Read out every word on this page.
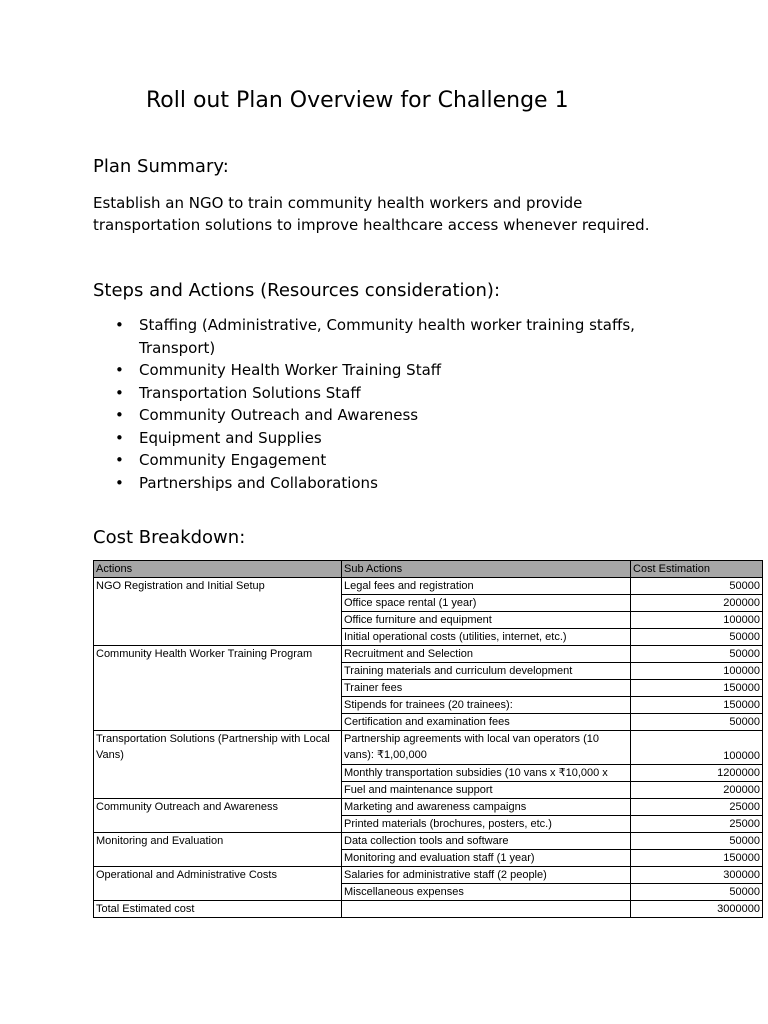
Roll out Plan Overview for Challenge 1
Plan Summary:
Establish an NGO to train community health workers and provide transportation solutions to improve healthcare access whenever required.
Steps and Actions (Resources consideration):
• Staffing (Administrative, Community health worker training staffs, Transport)
• Community Health Worker Training Staff
• Transportation Solutions Staff
• Community Outreach and Awareness
• Equipment and Supplies
• Community Engagement
• Partnerships and Collaborations
Cost Breakdown:
Actions	Sub Actions	Cost Estimation
NGO Registration and Initial Setup	Legal fees and registration	50000
	Office space rental (1 year)	200000
	Office furniture and equipment	100000
	Initial operational costs (utilities, internet, etc.)	50000
Community Health Worker Training Program	Recruitment and Selection	50000
	Training materials and curriculum development	100000
	Trainer fees	150000
	Stipends for trainees (20 trainees):	150000
	Certification and examination fees	50000
Transportation Solutions (Partnership with Local Vans)	Partnership agreements with local van operators (10 vans): ₹1,00,000	100000
	Monthly transportation subsidies (10 vans x ₹10,000 x	1200000
	Fuel and maintenance support	200000
Community Outreach and Awareness	Marketing and awareness campaigns	25000
	Printed materials (brochures, posters, etc.)	25000
Monitoring and Evaluation	Data collection tools and software	50000
	Monitoring and evaluation staff (1 year)	150000
Operational and Administrative Costs	Salaries for administrative staff (2 people)	300000
	Miscellaneous expenses	50000
Total Estimated cost		3000000
